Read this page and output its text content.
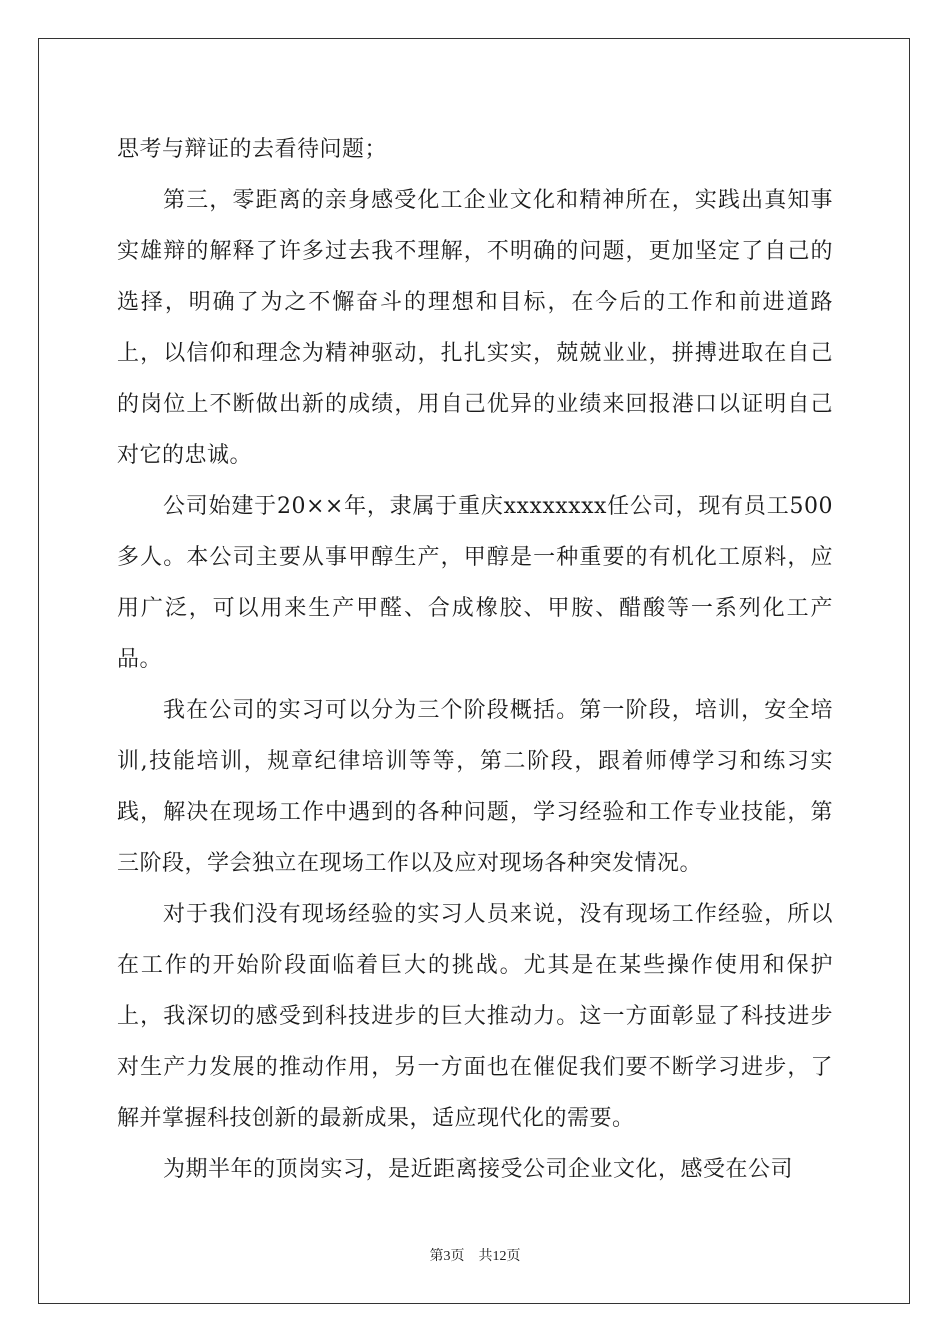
思考与辩证的去看待问题；

第三，零距离的亲身感受化工企业文化和精神所在，实践出真知事实雄辩的解释了许多过去我不理解，不明确的问题，更加坚定了自己的选择，明确了为之不懈奋斗的理想和目标，在今后的工作和前进道路上，以信仰和理念为精神驱动，扎扎实实，兢兢业业，拼搏进取在自己的岗位上不断做出新的成绩，用自己优异的业绩来回报港口以证明自己对它的忠诚。

公司始建于20××年，隶属于重庆xxxxxxxx任公司，现有员工500多人。本公司主要从事甲醇生产，甲醇是一种重要的有机化工原料，应用广泛，可以用来生产甲醛、合成橡胶、甲胺、醋酸等一系列化工产品。

我在公司的实习可以分为三个阶段概括。第一阶段，培训，安全培训,技能培训，规章纪律培训等等，第二阶段，跟着师傅学习和练习实践，解决在现场工作中遇到的各种问题，学习经验和工作专业技能，第三阶段，学会独立在现场工作以及应对现场各种突发情况。

对于我们没有现场经验的实习人员来说，没有现场工作经验，所以在工作的开始阶段面临着巨大的挑战。尤其是在某些操作使用和保护上，我深切的感受到科技进步的巨大推动力。这一方面彰显了科技进步对生产力发展的推动作用，另一方面也在催促我们要不断学习进步，了解并掌握科技创新的最新成果，适应现代化的需要。

为期半年的顶岗实习，是近距离接受公司企业文化，感受在公司

第3页 共12页
